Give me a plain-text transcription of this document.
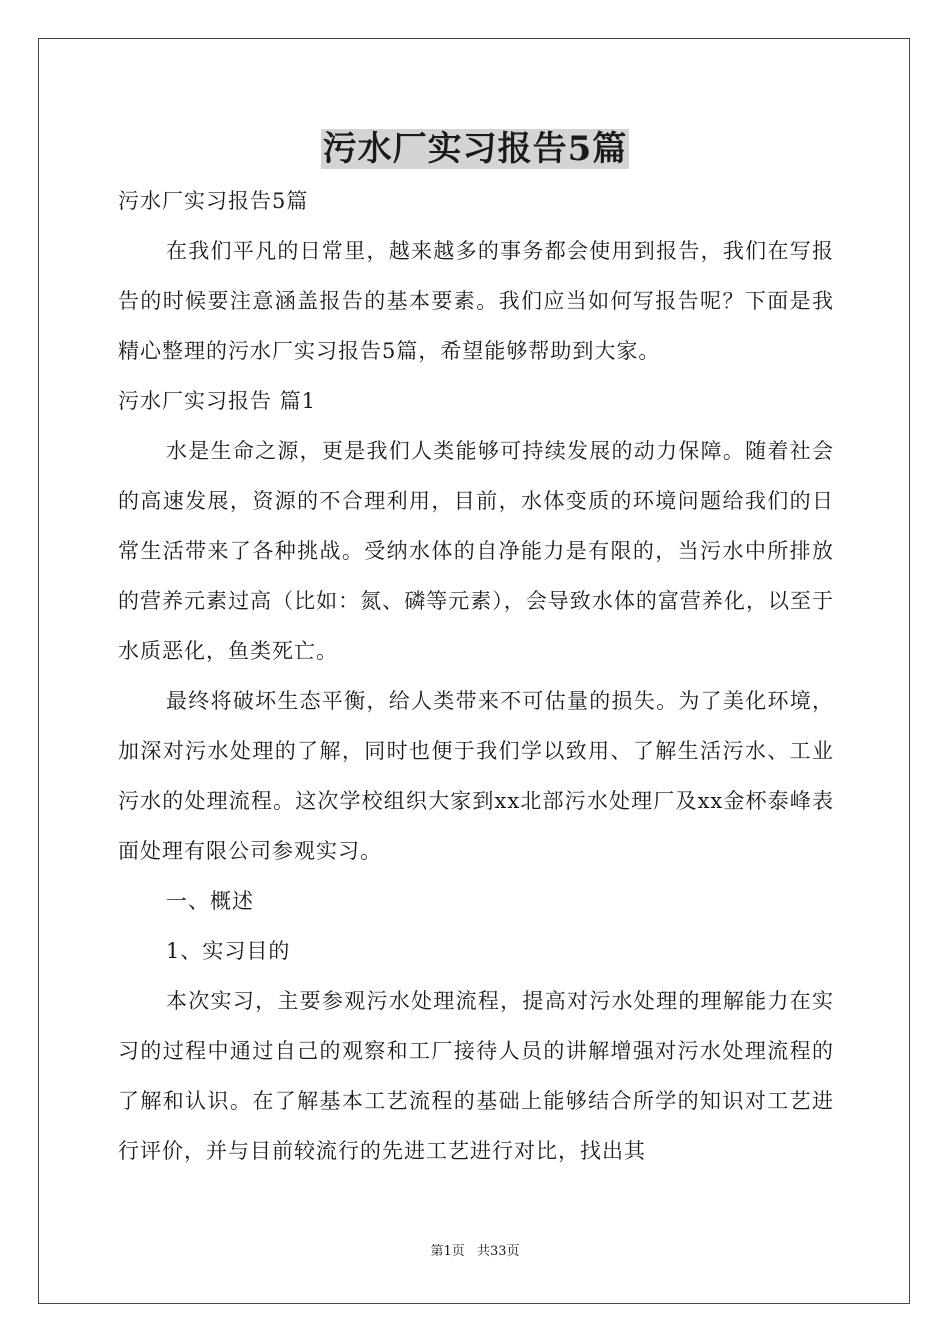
污水厂实习报告5篇

污水厂实习报告5篇

在我们平凡的日常里，越来越多的事务都会使用到报告，我们在写报告的时候要注意涵盖报告的基本要素。我们应当如何写报告呢？下面是我精心整理的污水厂实习报告5篇，希望能够帮助到大家。

污水厂实习报告 篇1

水是生命之源，更是我们人类能够可持续发展的动力保障。随着社会的高速发展，资源的不合理利用，目前，水体变质的环境问题给我们的日常生活带来了各种挑战。受纳水体的自净能力是有限的，当污水中所排放的营养元素过高（比如：氮、磷等元素），会导致水体的富营养化，以至于水质恶化，鱼类死亡。

最终将破坏生态平衡，给人类带来不可估量的损失。为了美化环境，加深对污水处理的了解，同时也便于我们学以致用、了解生活污水、工业污水的处理流程。这次学校组织大家到xx北部污水处理厂及xx金杯泰峰表面处理有限公司参观实习。

一、概述

1、实习目的

本次实习，主要参观污水处理流程，提高对污水处理的理解能力在实习的过程中通过自己的观察和工厂接待人员的讲解增强对污水处理流程的了解和认识。在了解基本工艺流程的基础上能够结合所学的知识对工艺进行评价，并与目前较流行的先进工艺进行对比，找出其

第1页 共33页
